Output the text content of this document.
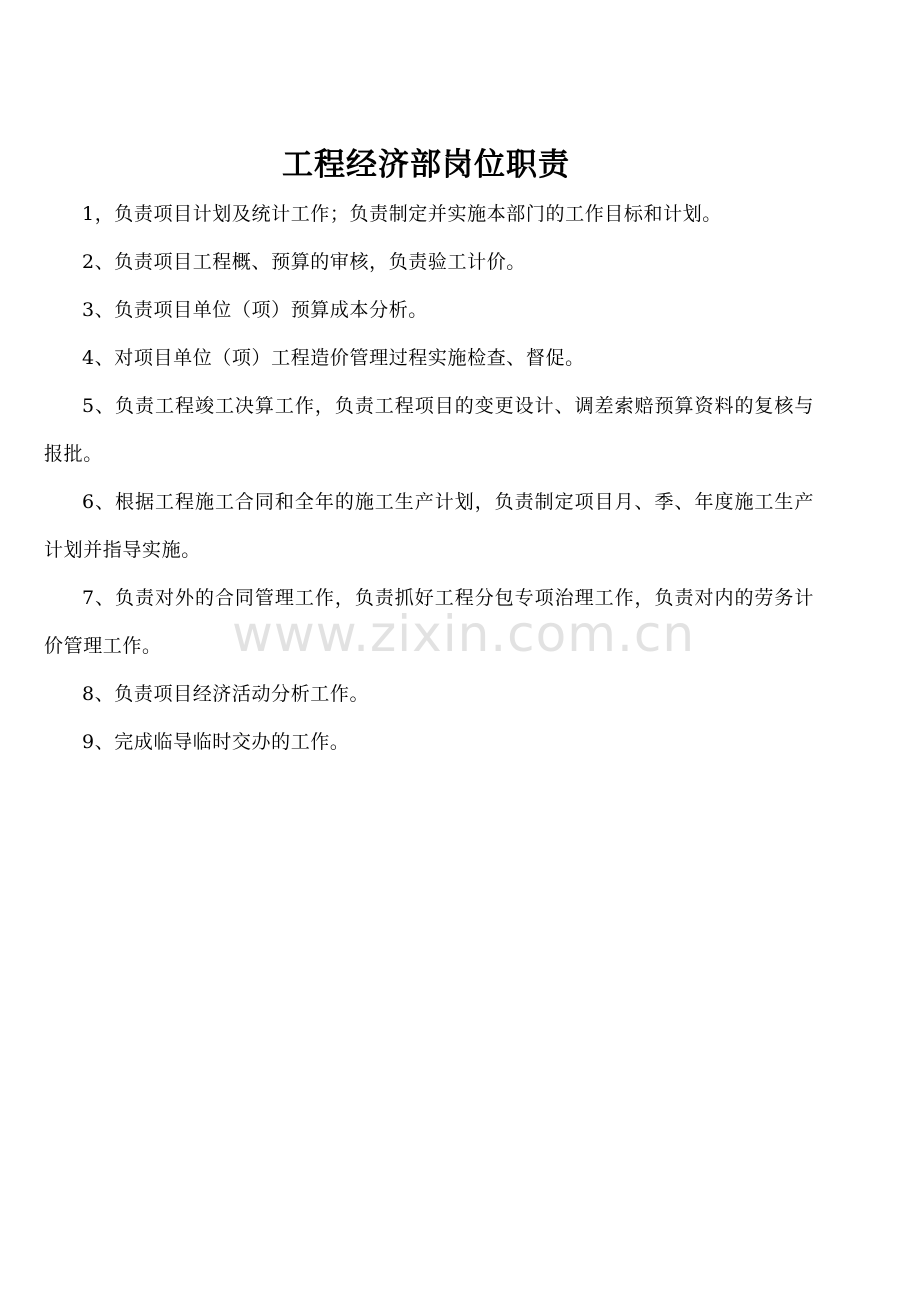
工程经济部岗位职责

1，负责项目计划及统计工作；负责制定并实施本部门的工作目标和计划。

2、负责项目工程概、预算的审核，负责验工计价。

3、负责项目单位（项）预算成本分析。

4、对项目单位（项）工程造价管理过程实施检查、督促。

5、负责工程竣工决算工作，负责工程项目的变更设计、调差索赔预算资料的复核与报批。

6、根据工程施工合同和全年的施工生产计划，负责制定项目月、季、年度施工生产计划并指导实施。

7、负责对外的合同管理工作，负责抓好工程分包专项治理工作，负责对内的劳务计价管理工作。

8、负责项目经济活动分析工作。

9、完成临导临时交办的工作。

www.zixin.com.cn
